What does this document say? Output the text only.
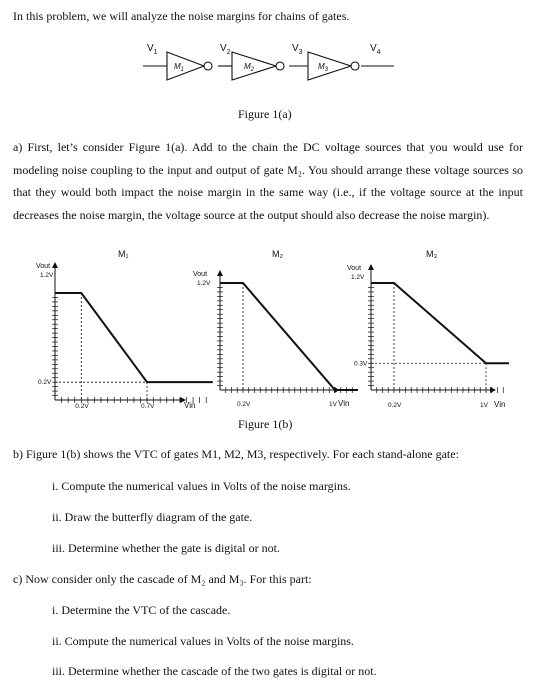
In this problem, we will analyze the noise margins for chains of gates.
$V_1$	$V_2$	$V_3$	$V_4$
$M_1$	$M_2$	$M_3$
Figure 1(a)
a) First, let’s consider Figure 1(a). Add to the chain the DC voltage sources that you would use for modeling noise coupling to the input and output of gate M₂. You should arrange these voltage sources so that they would both impact the noise margin in the same way (i.e., if the voltage source at the input decreases the noise margin, the voltage source at the output should also decrease the noise margin).
M₁
Vout
1.2V
0.2V
0.2V	0.7V	Vin
M₂
Vout
1.2V
0.2V	1V Vin
M₃
Vout
1.2V
0.3V
0.2V	1V Vin
Figure 1(b)
b) Figure 1(b) shows the VTC of gates M1, M2, M3, respectively. For each stand-alone gate:
i. Compute the numerical values in Volts of the noise margins.
ii. Draw the butterfly diagram of the gate.
iii. Determine whether the gate is digital or not.
c) Now consider only the cascade of M₂ and M₃. For this part:
i. Determine the VTC of the cascade.
ii. Compute the numerical values in Volts of the noise margins.
iii. Determine whether the cascade of the two gates is digital or not.
